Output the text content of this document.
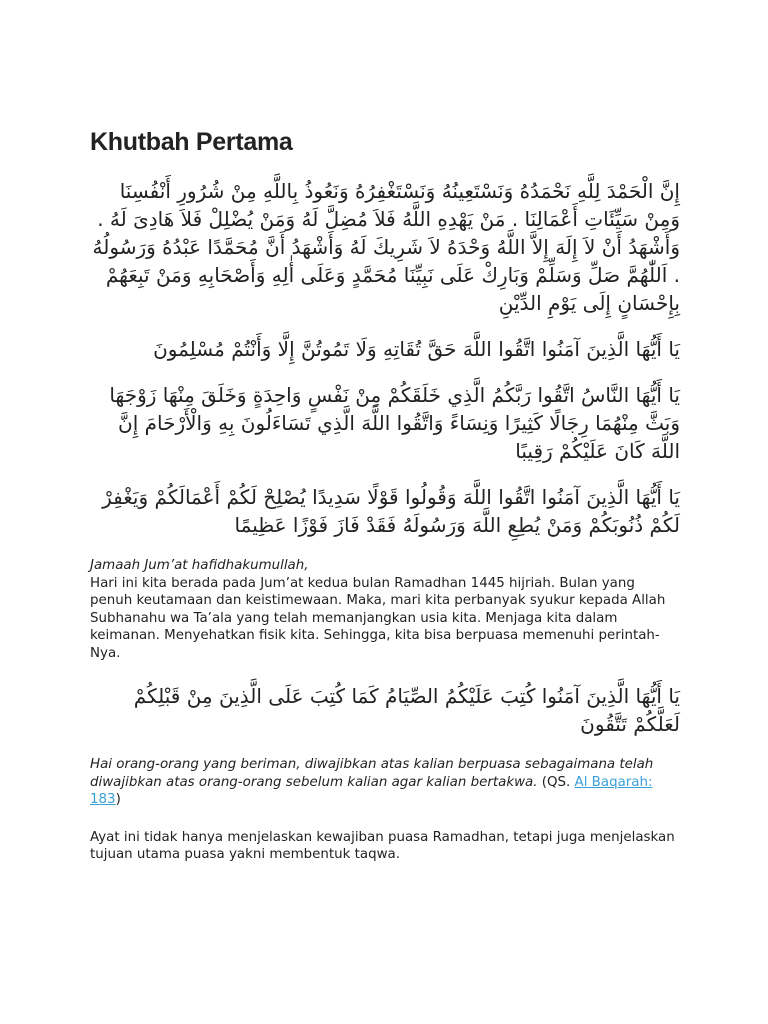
Khutbah Pertama

إِنَّ الْحَمْدَ لِلَّهِ نَحْمَدُهُ وَنَسْتَعِينُهُ وَنَسْتَغْفِرُهُ وَنَعُوذُ بِاللَّهِ مِنْ شُرُورِ أَنْفُسِنَا وَمِنْ سَيِّئَاتِ أَعْمَالِنَا . مَنْ يَهْدِهِ اللَّهُ فَلاَ مُضِلَّ لَهُ وَمَنْ يُضْلِلْ فَلاَ هَادِىَ لَهُ . وَأَشْهَدُ أَنْ لاَ إِلَهَ إِلاَّ اللَّهُ وَحْدَهُ لاَ شَرِيكَ لَهُ وَأَشْهَدُ أَنَّ مُحَمَّدًا عَبْدُهُ وَرَسُولُهُ . اَللّٰهُمَّ صَلِّ وَسَلِّمْ وَبَارِكْ عَلَى نَبِيِّنَا مُحَمَّدٍ وَعَلَى أٰلِهِ وَأَصْحَابِهِ وَمَنْ تَبِعَهُمْ بِإِحْسَانٍ إِلَى يَوْمِ الدِّيْنِ

يَا أَيُّهَا الَّذِينَ آمَنُوا اتَّقُوا اللَّهَ حَقَّ تُقَاتِهِ وَلَا تَمُوتُنَّ إِلَّا وَأَنْتُمْ مُسْلِمُونَ

يَا أَيُّهَا النَّاسُ اتَّقُوا رَبَّكُمُ الَّذِي خَلَقَكُمْ مِنْ نَفْسٍ وَاحِدَةٍ وَخَلَقَ مِنْهَا زَوْجَهَا وَبَثَّ مِنْهُمَا رِجَالًا كَثِيرًا وَنِسَاءً وَاتَّقُوا اللَّهَ الَّذِي تَسَاءَلُونَ بِهِ وَالْأَرْحَامَ إِنَّ اللَّهَ كَانَ عَلَيْكُمْ رَقِيبًا

يَا أَيُّهَا الَّذِينَ آمَنُوا اتَّقُوا اللَّهَ وَقُولُوا قَوْلًا سَدِيدًا يُصْلِحْ لَكُمْ أَعْمَالَكُمْ وَيَغْفِرْ لَكُمْ ذُنُوبَكُمْ وَمَنْ يُطِعِ اللَّهَ وَرَسُولَهُ فَقَدْ فَازَ فَوْزًا عَظِيمًا

Jamaah Jum’at hafidhakumullah,

Hari ini kita berada pada Jum’at kedua bulan Ramadhan 1445 hijriah. Bulan yang penuh keutamaan dan keistimewaan. Maka, mari kita perbanyak syukur kepada Allah Subhanahu wa Ta’ala yang telah memanjangkan usia kita. Menjaga kita dalam keimanan. Menyehatkan fisik kita. Sehingga, kita bisa berpuasa memenuhi perintah-Nya.

يَا أَيُّهَا الَّذِينَ آمَنُوا كُتِبَ عَلَيْكُمُ الصِّيَامُ كَمَا كُتِبَ عَلَى الَّذِينَ مِنْ قَبْلِكُمْ لَعَلَّكُمْ تَتَّقُونَ

Hai orang-orang yang beriman, diwajibkan atas kalian berpuasa sebagaimana telah diwajibkan atas orang-orang sebelum kalian agar kalian bertakwa. (QS. Al Baqarah: 183)

Ayat ini tidak hanya menjelaskan kewajiban puasa Ramadhan, tetapi juga menjelaskan tujuan utama puasa yakni membentuk taqwa.
